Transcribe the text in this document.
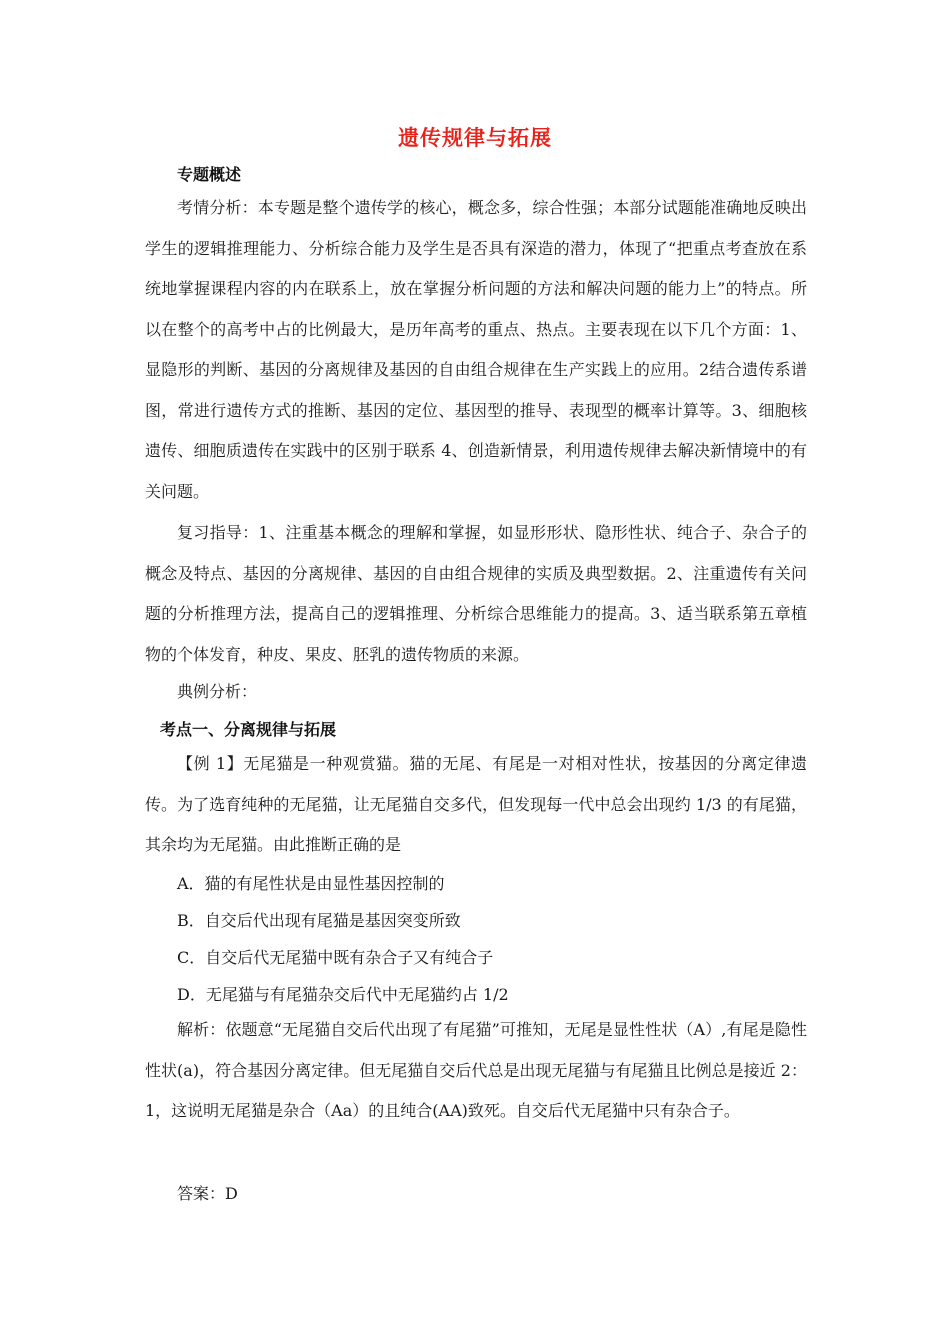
遗传规律与拓展
专题概述

考情分析：本专题是整个遗传学的核心，概念多，综合性强；本部分试题能准确地反映出学生的逻辑推理能力、分析综合能力及学生是否具有深造的潜力，体现了“把重点考查放在系统地掌握课程内容的内在联系上，放在掌握分析问题的方法和解决问题的能力上”的特点。所以在整个的高考中占的比例最大，是历年高考的重点、热点。主要表现在以下几个方面：1、显隐形的判断、基因的分离规律及基因的自由组合规律在生产实践上的应用。2结合遗传系谱图，常进行遗传方式的推断、基因的定位、基因型的推导、表现型的概率计算等。3、细胞核遗传、细胞质遗传在实践中的区别于联系 4、创造新情景，利用遗传规律去解决新情境中的有关问题。

复习指导：1、注重基本概念的理解和掌握，如显形形状、隐形性状、纯合子、杂合子的概念及特点、基因的分离规律、基因的自由组合规律的实质及典型数据。2、注重遗传有关问题的分析推理方法，提高自己的逻辑推理、分析综合思维能力的提高。3、适当联系第五章植物的个体发育，种皮、果皮、胚乳的遗传物质的来源。

典例分析：

考点一、分离规律与拓展

【例 1】无尾猫是一种观赏猫。猫的无尾、有尾是一对相对性状，按基因的分离定律遗传。为了选育纯种的无尾猫，让无尾猫自交多代，但发现每一代中总会出现约 1/3 的有尾猫，其余均为无尾猫。由此推断正确的是

A．猫的有尾性状是由显性基因控制的

B．自交后代出现有尾猫是基因突变所致

C．自交后代无尾猫中既有杂合子又有纯合子

D．无尾猫与有尾猫杂交后代中无尾猫约占 1/2

解析：依题意“无尾猫自交后代出现了有尾猫”可推知，无尾是显性性状（A）,有尾是隐性性状(a)，符合基因分离定律。但无尾猫自交后代总是出现无尾猫与有尾猫且比例总是接近 2：1，这说明无尾猫是杂合（Aa）的且纯合(AA)致死。自交后代无尾猫中只有杂合子。

答案：D
